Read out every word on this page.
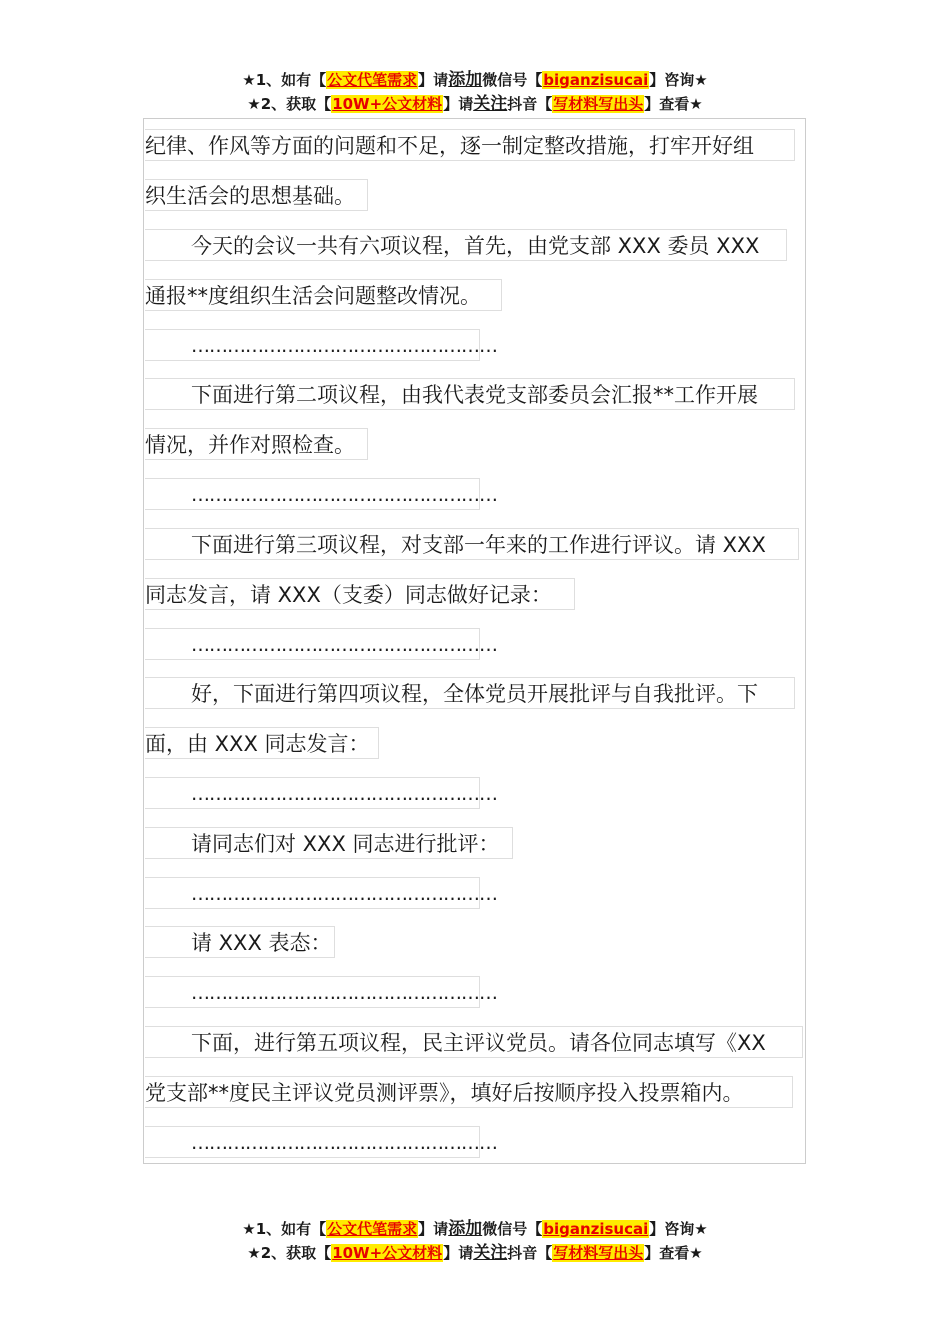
★1、如有【公文代笔需求】请添加微信号【biganzisucai】咨询★
★2、获取【10W+公文材料】请关注抖音【写材料写出头】查看★
纪律、作风等方面的问题和不足，逐一制定整改措施，打牢开好组
织生活会的思想基础。
今天的会议一共有六项议程，首先，由党支部 XXX 委员 XXX
通报**度组织生活会问题整改情况。
……………………………………………
下面进行第二项议程，由我代表党支部委员会汇报**工作开展
情况，并作对照检查。
……………………………………………
下面进行第三项议程，对支部一年来的工作进行评议。请 XXX
同志发言，请 XXX（支委）同志做好记录：
……………………………………………
好，下面进行第四项议程，全体党员开展批评与自我批评。下
面，由 XXX 同志发言：
……………………………………………
请同志们对 XXX 同志进行批评：
……………………………………………
请 XXX 表态：
……………………………………………
下面，进行第五项议程，民主评议党员。请各位同志填写《XX
党支部**度民主评议党员测评票》，填好后按顺序投入投票箱内。
……………………………………………
★1、如有【公文代笔需求】请添加微信号【biganzisucai】咨询★
★2、获取【10W+公文材料】请关注抖音【写材料写出头】查看★
